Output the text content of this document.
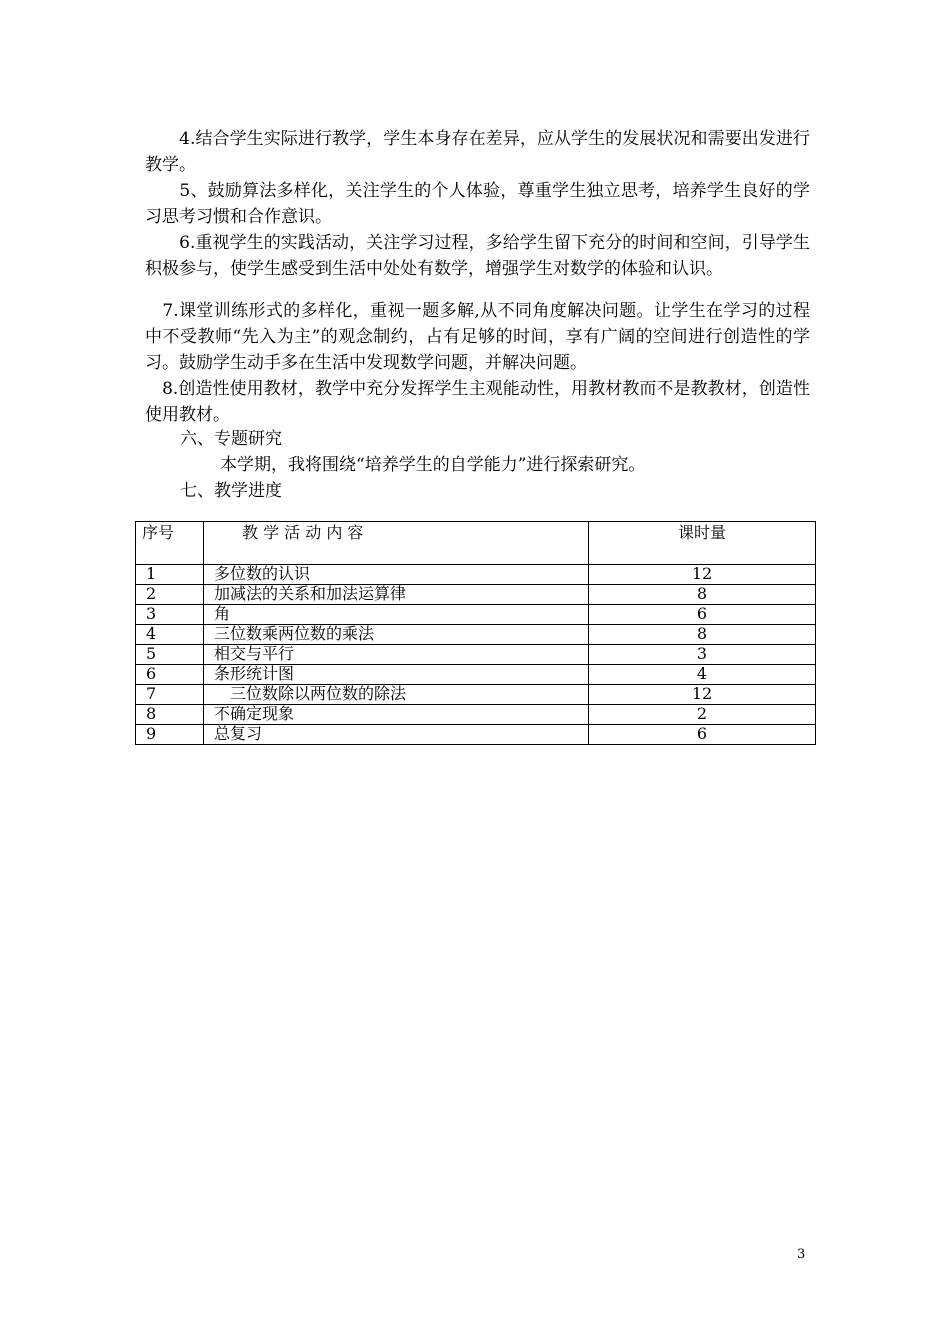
　　4.结合学生实际进行教学，学生本身存在差异，应从学生的发展状况和需要出发进行教学。

　　5、鼓励算法多样化，关注学生的个人体验，尊重学生独立思考，培养学生良好的学习思考习惯和合作意识。

　　6.重视学生的实践活动，关注学习过程，多给学生留下充分的时间和空间，引导学生积极参与，使学生感受到生活中处处有数学，增强学生对数学的体验和认识。

　7.课堂训练形式的多样化，重视一题多解,从不同角度解决问题。让学生在学习的过程中不受教师“先入为主”的观念制约，占有足够的时间，享有广阔的空间进行创造性的学习。鼓励学生动手多在生活中发现数学问题，并解决问题。

　8.创造性使用教材，教学中充分发挥学生主观能动性，用教材教而不是教教材，创造性使用教材。

六、专题研究

本学期，我将围绕“培养学生的自学能力”进行探索研究。

七、教学进度

序号	教 学 活 动 内 容	课时量
1	多位数的认识	12
2	加减法的关系和加法运算律	8
3	角	6
4	三位数乘两位数的乘法	8
5	相交与平行	3
6	条形统计图	4
7	　三位数除以两位数的除法	12
8	不确定现象	2
9	总复习	6
3
